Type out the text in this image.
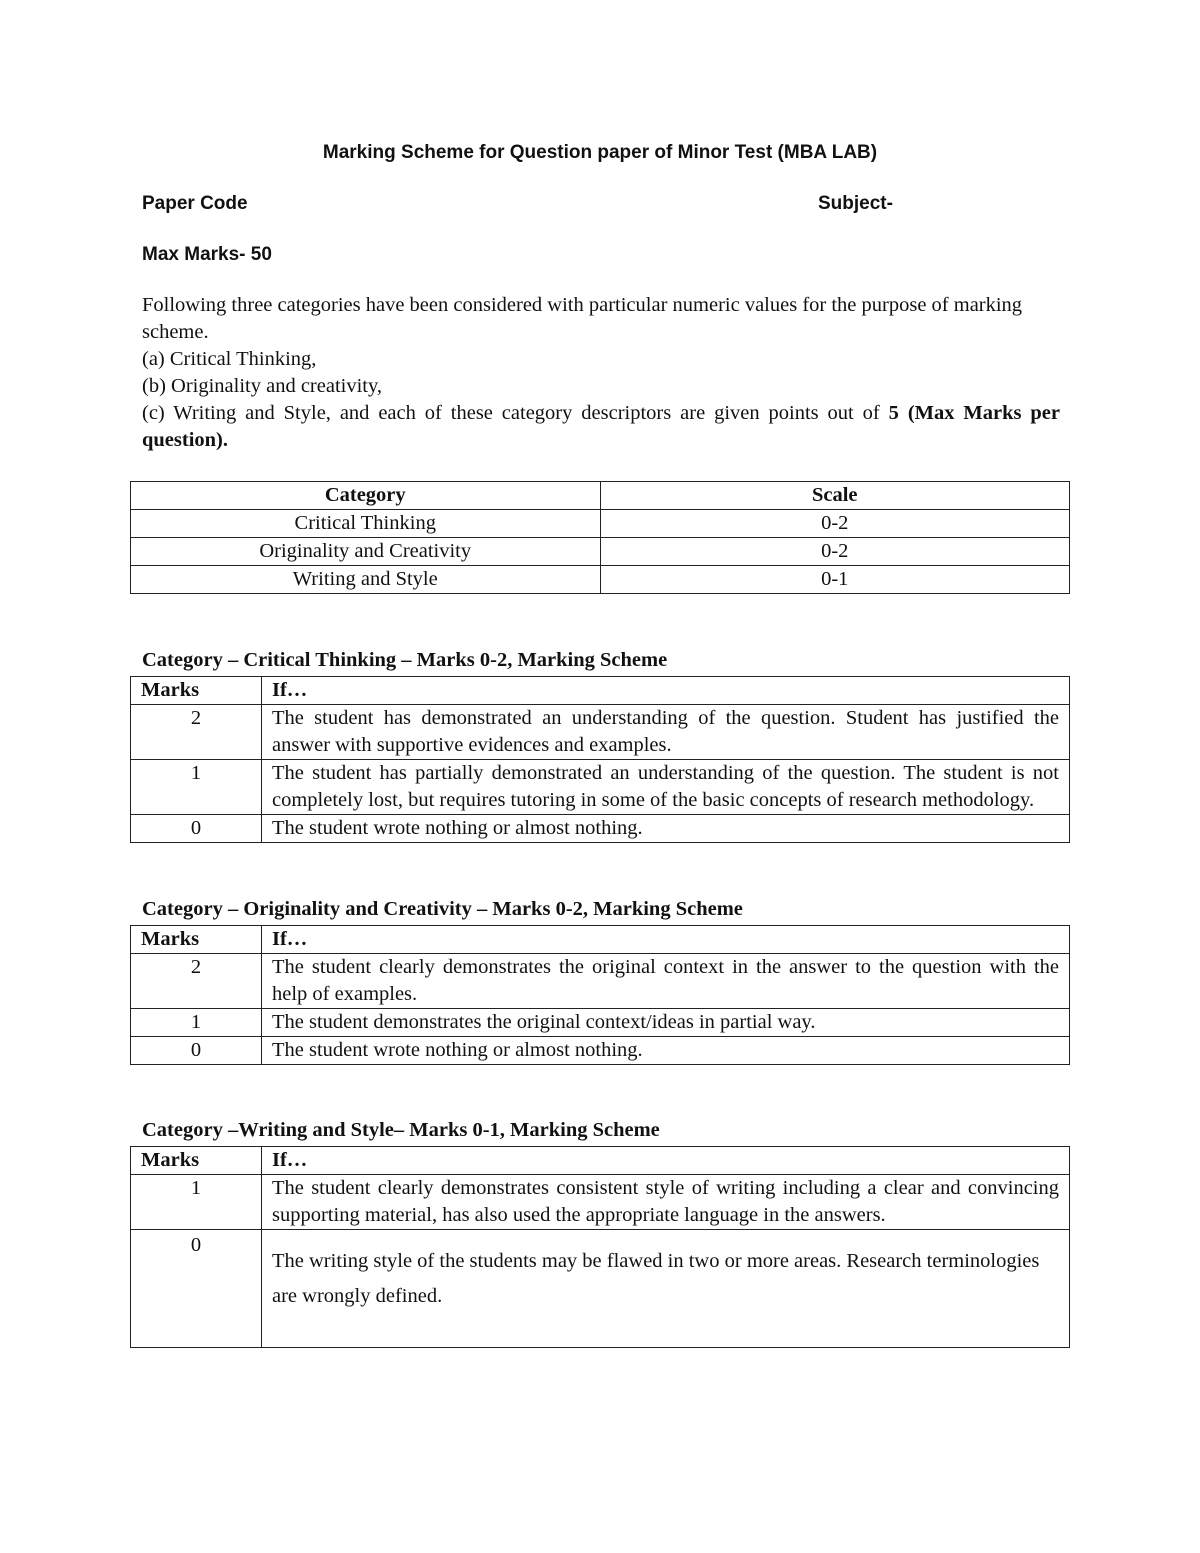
Marking Scheme for Question paper of Minor Test (MBA LAB)
Paper Code	Subject-
Max Marks- 50

Following three categories have been considered with particular numeric values for the purpose of marking scheme.

(a) Critical Thinking,

(b) Originality and creativity,

(c) Writing and Style, and each of these category descriptors are given points out of 5 (Max Marks per question).

Category	Scale
Critical Thinking	0-2
Originality and Creativity	0-2
Writing and Style	0-1
Category – Critical Thinking – Marks 0-2, Marking Scheme
Marks	If…
2	The student has demonstrated an understanding of the question. Student has justified the answer with supportive evidences and examples.
1	The student has partially demonstrated an understanding of the question. The student is not completely lost, but requires tutoring in some of the basic concepts of research methodology.
0	The student wrote nothing or almost nothing.
Category – Originality and Creativity – Marks 0-2, Marking Scheme
Marks	If…
2	The student clearly demonstrates the original context in the answer to the question with the help of examples.
1	The student demonstrates the original context/ideas in partial way.
0	The student wrote nothing or almost nothing.
Category –Writing and Style– Marks 0-1, Marking Scheme
Marks	If…
1	The student clearly demonstrates consistent style of writing including a clear and convincing supporting material, has also used the appropriate language in the answers.
0	The writing style of the students may be flawed in two or more areas. Research terminologies are wrongly defined.
